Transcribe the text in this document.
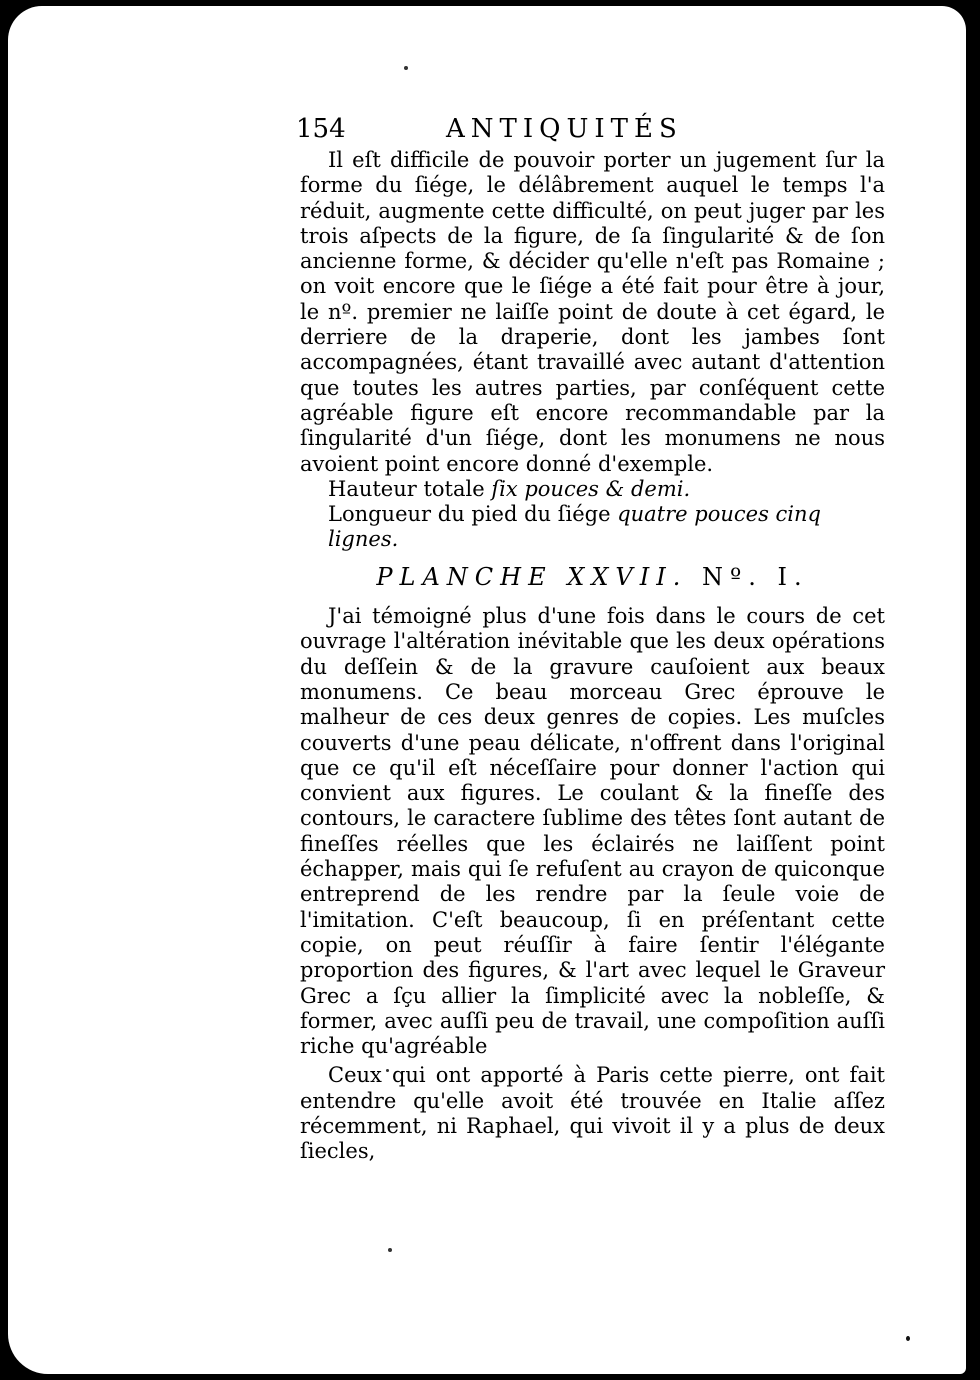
154	ANTIQUITÉS

Il eſt difficile de pouvoir porter un jugement ſur la forme du ſiége, le délâbrement auquel le temps l'a réduit, augmente cette difficulté, on peut juger par les trois aſpects de la figure, de ſa ſingularité & de ſon ancienne forme, & décider qu'elle n'eſt pas Romaine ; on voit encore que le ſiége a été fait pour être à jour, le nº. premier ne laiſſe point de doute à cet égard, le derriere de la draperie, dont les jambes ſont accompagnées, étant travaillé avec autant d'attention que toutes les autres parties, par conſéquent cette agréable figure eſt encore recommandable par la ſingularité d'un ſiége, dont les monumens ne nous avoient point encore donné d'exemple.

Hauteur totale ſix pouces & demi.

Longueur du pied du ſiége quatre pouces cinq lignes.

PLANCHE XXVII. Nº. I.

J'ai témoigné plus d'une fois dans le cours de cet ouvrage l'altération inévitable que les deux opérations du deſſein & de la gravure cauſoient aux beaux monumens. Ce beau morceau Grec éprouve le malheur de ces deux genres de copies. Les muſcles couverts d'une peau délicate, n'offrent dans l'original que ce qu'il eſt néceſſaire pour donner l'action qui convient aux figures. Le coulant & la fineſſe des contours, le caractere ſublime des têtes ſont autant de fineſſes réelles que les éclairés ne laiſſent point échapper, mais qui ſe refuſent au crayon de quiconque entreprend de les rendre par la ſeule voie de l'imitation. C'eſt beaucoup, ſi en préſentant cette copie, on peut réuſſir à faire ſentir l'élégante proportion des figures, & l'art avec lequel le Graveur Grec a ſçu allier la ſimplicité avec la nobleſſe, & former, avec auſſi peu de travail, une compoſition auſſi riche qu'agréable

Ceux qui ont apporté à Paris cette pierre, ont fait entendre qu'elle avoit été trouvée en Italie aſſez récemment, ni Raphael, qui vivoit il y a plus de deux ſiecles,
